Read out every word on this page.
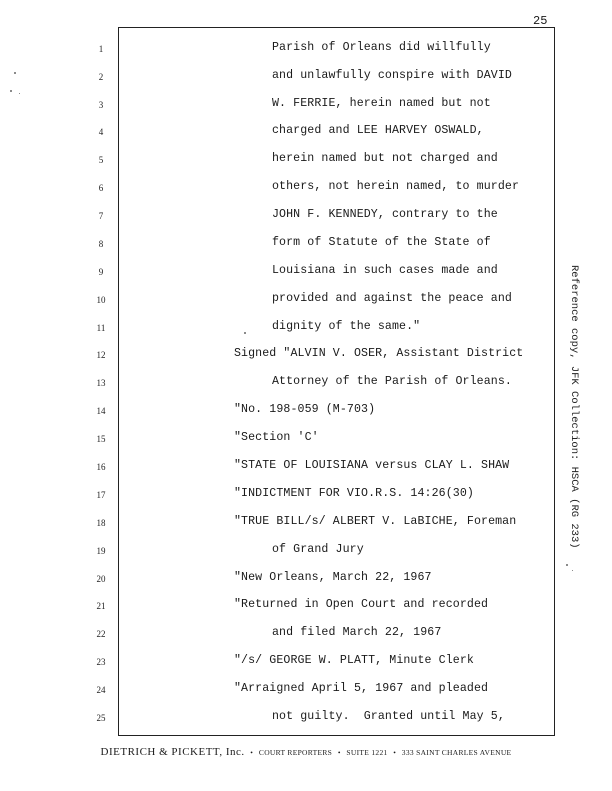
25
1
2
3
4
5
6
7
8
9
10
11
12
13
14
15
16
17
18
19
20
21
22
23
24
25
Parish of Orleans did willfully
and unlawfully conspire with DAVID
W. FERRIE, herein named but not
charged and LEE HARVEY OSWALD,
herein named but not charged and
others, not herein named, to murder
JOHN F. KENNEDY, contrary to the
form of Statute of the State of
Louisiana in such cases made and
provided and against the peace and
dignity of the same."
Signed "ALVIN V. OSER, Assistant District
Attorney of the Parish of Orleans.
"No. 198-059 (M-703)
"Section 'C'
"STATE OF LOUISIANA versus CLAY L. SHAW
"INDICTMENT FOR VIO.R.S. 14:26(30)
"TRUE BILL/s/ ALBERT V. LaBICHE, Foreman
of Grand Jury
"New Orleans, March 22, 1967
"Returned in Open Court and recorded
and filed March 22, 1967
"/s/ GEORGE W. PLATT, Minute Clerk
"Arraigned April 5, 1967 and pleaded
not guilty.  Granted until May 5,
DIETRICH & PICKETT, Inc. • COURT REPORTERS • SUITE 1221 • 333 SAINT CHARLES AVENUE
Reference copy, JFK Collection: HSCA (RG 233)
